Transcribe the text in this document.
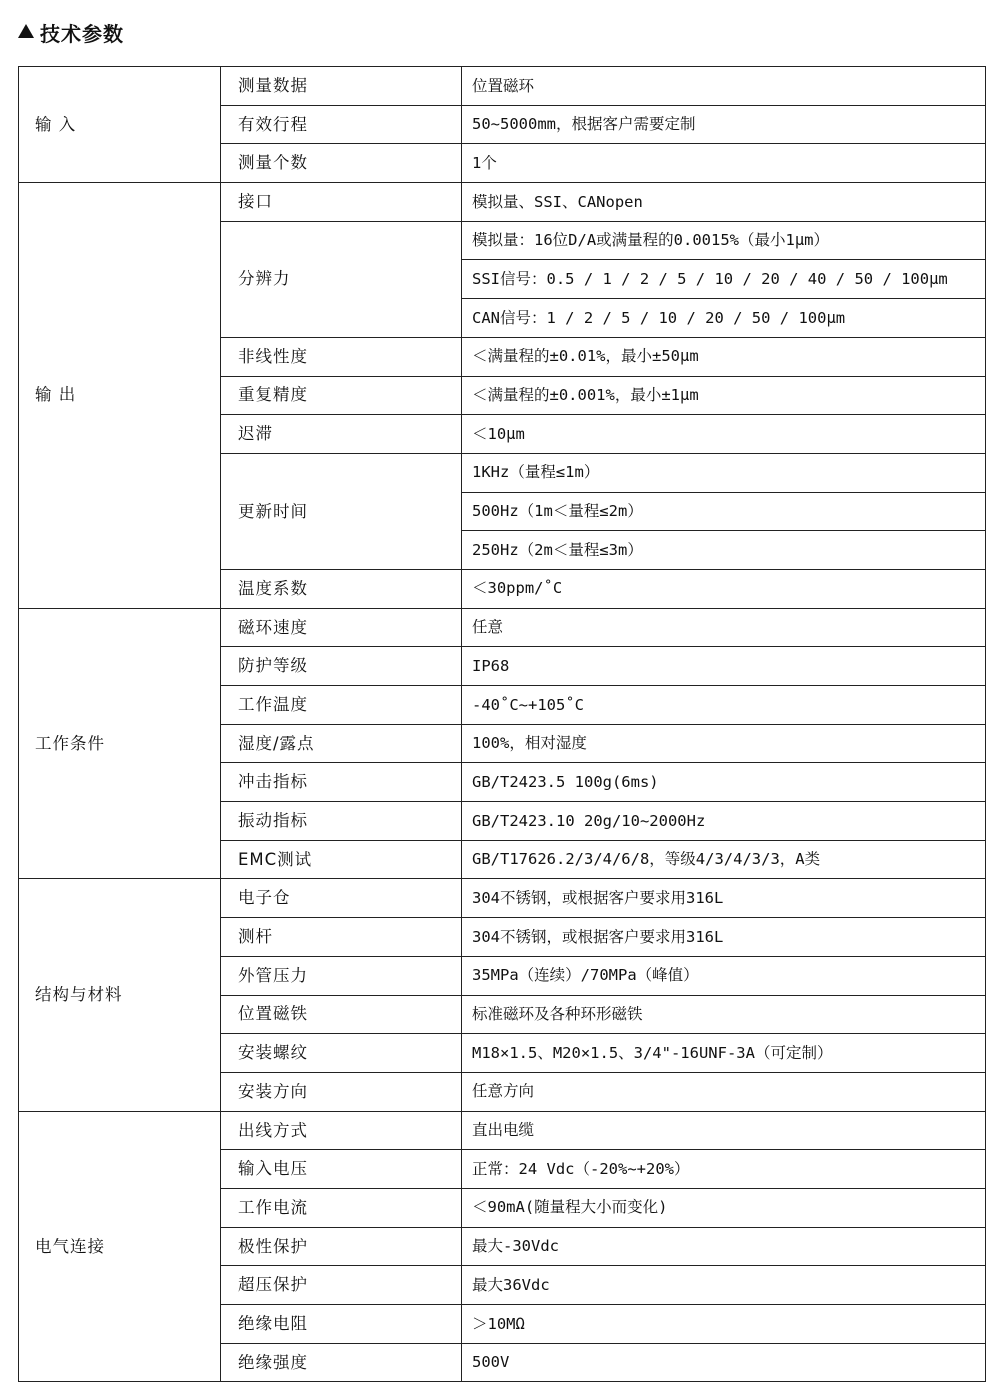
技术参数
输 入	测量数据	位置磁环
	有效行程	50~5000mm，根据客户需要定制
	测量个数	1个
输 出	接口	模拟量、SSI、CANopen
	分辨力	模拟量：16位D/A或满量程的0.0015%（最小1μm）
		SSI信号：0.5 / 1 / 2 / 5 / 10 / 20 / 40 / 50 / 100μm
		CAN信号：1 / 2 / 5 / 10 / 20 / 50 / 100μm
	非线性度	＜满量程的±0.01%，最小±50μm
	重复精度	＜满量程的±0.001%，最小±1μm
	迟滞	＜10μm
	更新时间	1KHz（量程≤1m）
		500Hz（1m＜量程≤2m）
		250Hz（2m＜量程≤3m）
	温度系数	＜30ppm/˚C
工作条件	磁环速度	任意
	防护等级	IP68
	工作温度	-40˚C~+105˚C
	湿度/露点	100%，相对湿度
	冲击指标	GB/T2423.5 100g(6ms)
	振动指标	GB/T2423.10 20g/10~2000Hz
	EMC测试	GB/T17626.2/3/4/6/8，等级4/3/4/3/3，A类
结构与材料	电子仓	304不锈钢，或根据客户要求用316L
	测杆	304不锈钢，或根据客户要求用316L
	外管压力	35MPa（连续）/70MPa（峰值）
	位置磁铁	标准磁环及各种环形磁铁
	安装螺纹	M18×1.5、M20×1.5、3/4"-16UNF-3A（可定制）
	安装方向	任意方向
电气连接	出线方式	直出电缆
	输入电压	正常：24 Vdc（-20%~+20%）
	工作电流	＜90mA(随量程大小而变化)
	极性保护	最大-30Vdc
	超压保护	最大36Vdc
	绝缘电阻	＞10MΩ
	绝缘强度	500V
